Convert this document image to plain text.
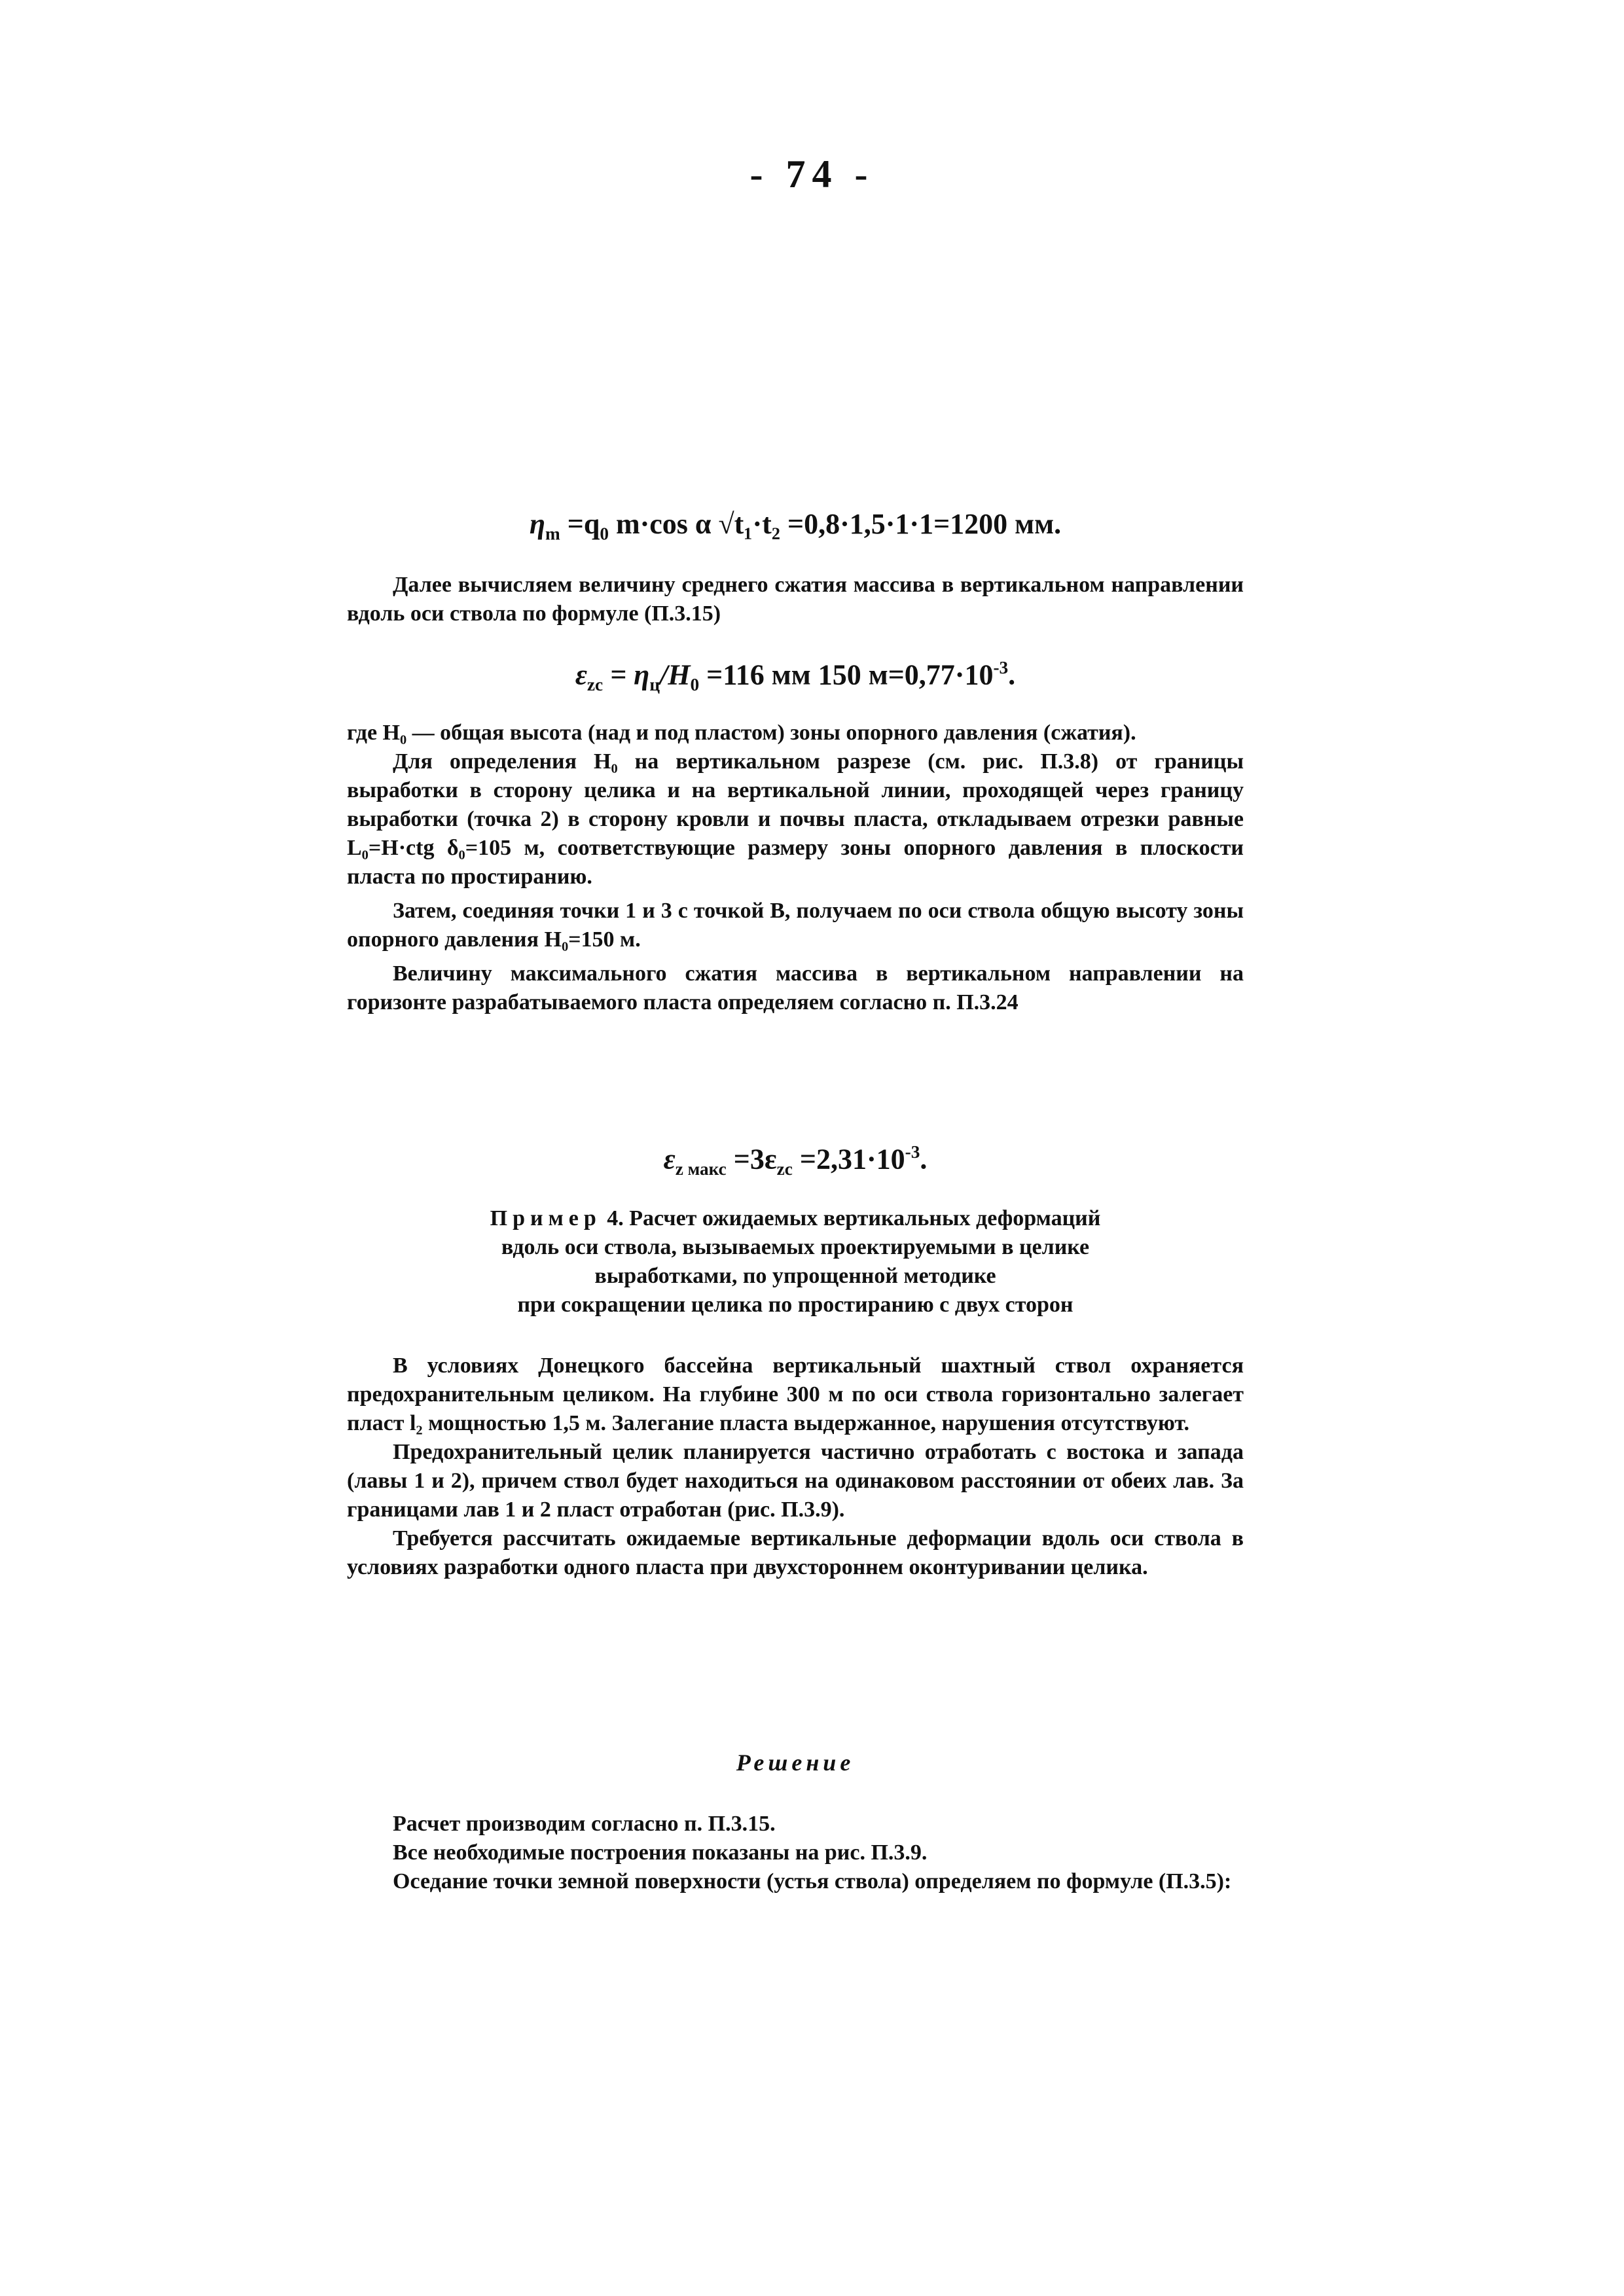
- 74 -
$\eta_m =q_0$ m·cos α √t₁·t₂ =0,8·1,5·1·1=1200 мм.

Далее вычисляем величину среднего сжатия массива в вертикальном направлении вдоль оси ствола по формуле (П.3.15)

$\varepsilon_{zc} = \eta_ц/H_0 =116$ мм 150 $м=0,77\cdot 10^{-3}$.

где H₀ — общая высота (над и под пластом) зоны опорного давления (сжатия).

Для определения H₀ на вертикальном разрезе (см. рис. П.3.8) от границы выработки в сторону целика и на вертикальной линии, проходящей через границу выработки (точка 2) в сторону кровли и почвы пласта, откладываем отрезки равные L₀=H·ctg δ₀=105 м, соответствующие размеру зоны опорного давления в плоскости пласта по простиранию.

Затем, соединяя точки 1 и 3 с точкой B, получаем по оси ствола общую высоту зоны опорного давления H₀=150 м.

Величину максимального сжатия массива в вертикальном направлении на горизонте разрабатываемого пласта определяем согласно п. П.3.24

$\varepsilon_{z макс} =3\varepsilon_{zc} =2,31\cdot 10^{-3}$.
Пример 4. Расчет ожидаемых вертикальных деформаций
вдоль оси ствола, вызываемых проектируемыми в целике
выработками, по упрощенной методике
при сокращении целика по простиранию с двух сторон

В условиях Донецкого бассейна вертикальный шахтный ствол охраняется предохранительным целиком. На глубине 300 м по оси ствола горизонтально залегает пласт l₂ мощностью 1,5 м. Залегание пласта выдержанное, нарушения отсутствуют.

Предохранительный целик планируется частично отработать с востока и запада (лавы 1 и 2), причем ствол будет находиться на одинаковом расстоянии от обеих лав. За границами лав 1 и 2 пласт отработан (рис. П.3.9).

Требуется рассчитать ожидаемые вертикальные деформации вдоль оси ствола в условиях разработки одного пласта при двухстороннем оконтуривании целика.

Решение

Расчет производим согласно п. П.3.15.

Все необходимые построения показаны на рис. П.3.9.

Оседание точки земной поверхности (устья ствола) определяем по формуле (П.3.5):
